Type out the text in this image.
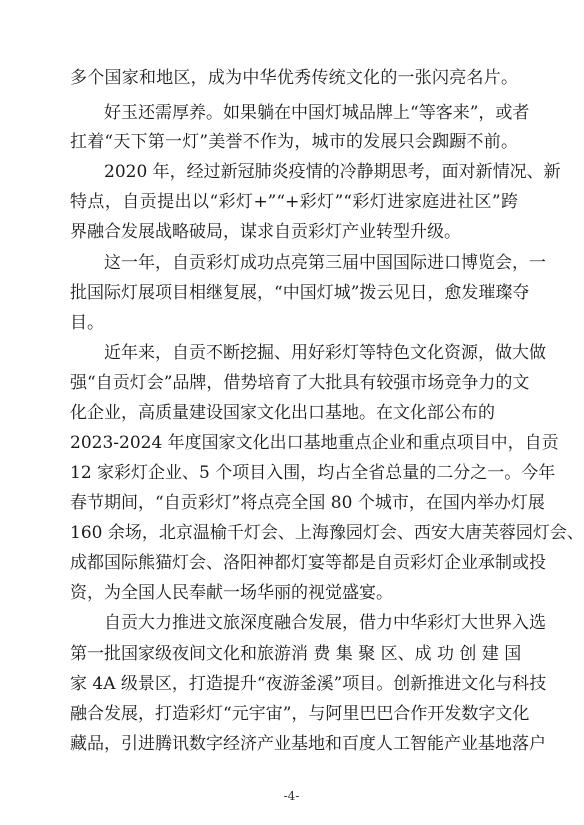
多个国家和地区，成为中华优秀传统文化的一张闪亮名片。
好玉还需厚养。如果躺在中国灯城品牌上“等客来”，或者
扛着“天下第一灯”美誉不作为，城市的发展只会踟蹰不前。
2020 年，经过新冠肺炎疫情的冷静期思考，面对新情况、新
特点，自贡提出以“彩灯+”“+彩灯”“彩灯进家庭进社区”跨
界融合发展战略破局，谋求自贡彩灯产业转型升级。
这一年，自贡彩灯成功点亮第三届中国国际进口博览会，一
批国际灯展项目相继复展，“中国灯城”拨云见日，愈发璀璨夺
目。
近年来，自贡不断挖掘、用好彩灯等特色文化资源，做大做
强“自贡灯会”品牌，借势培育了大批具有较强市场竞争力的文
化企业，高质量建设国家文化出口基地。在文化部公布的
2023-2024 年度国家文化出口基地重点企业和重点项目中，自贡
12 家彩灯企业、5 个项目入围，均占全省总量的二分之一。今年
春节期间，“自贡彩灯”将点亮全国 80 个城市，在国内举办灯展
160 余场，北京温榆千灯会、上海豫园灯会、西安大唐芙蓉园灯会、
成都国际熊猫灯会、洛阳神都灯宴等都是自贡彩灯企业承制或投
资，为全国人民奉献一场华丽的视觉盛宴。
自贡大力推进文旅深度融合发展，借力中华彩灯大世界入选
第一批国家级夜间文化和旅游消 费 集 聚 区、成 功 创 建 国
家 4A 级景区，打造提升“夜游釜溪”项目。创新推进文化与科技
融合发展，打造彩灯“元宇宙”，与阿里巴巴合作开发数字文化
藏品，引进腾讯数字经济产业基地和百度人工智能产业基地落户
-4-
